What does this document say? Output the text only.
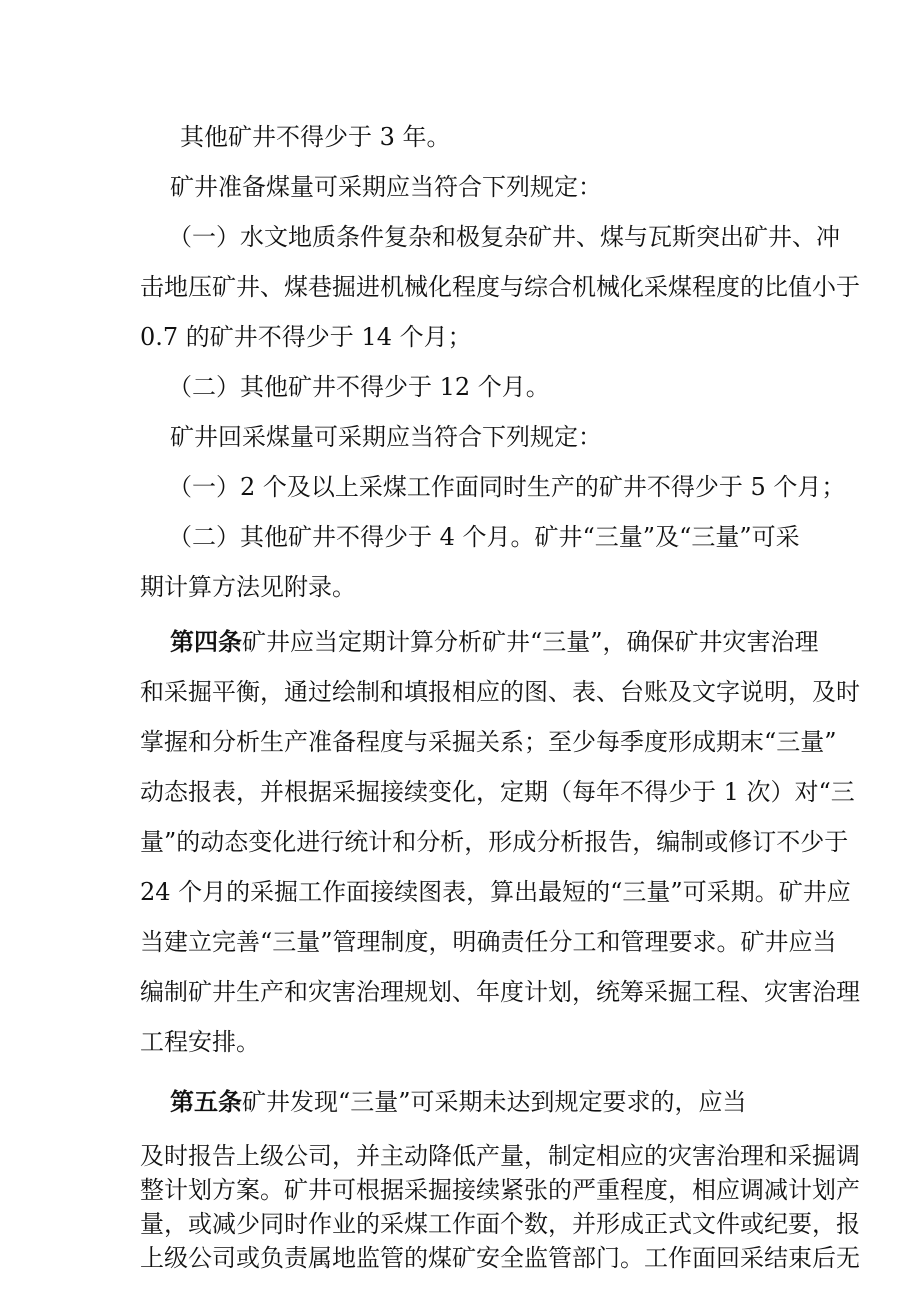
其他矿井不得少于 3 年。
矿井准备煤量可采期应当符合下列规定：
（一）水文地质条件复杂和极复杂矿井、煤与瓦斯突出矿井、冲
击地压矿井、煤巷掘进机械化程度与综合机械化采煤程度的比值小于
0.7 的矿井不得少于 14 个月；
（二）其他矿井不得少于 12 个月。
矿井回采煤量可采期应当符合下列规定：
（一）2 个及以上采煤工作面同时生产的矿井不得少于 5 个月；
（二）其他矿井不得少于 4 个月。矿井“三量”及“三量”可采
期计算方法见附录。
第四条 矿井应当定期计算分析矿井“三量”，确保矿井灾害治理
和采掘平衡，通过绘制和填报相应的图、表、台账及文字说明，及时
掌握和分析生产准备程度与采掘关系；至少每季度形成期末“三量”
动态报表，并根据采掘接续变化，定期（每年不得少于 1 次）对“三
量”的动态变化进行统计和分析，形成分析报告，编制或修订不少于
24 个月的采掘工作面接续图表，算出最短的“三量”可采期。矿井应
当建立完善“三量”管理制度，明确责任分工和管理要求。矿井应当
编制矿井生产和灾害治理规划、年度计划，统筹采掘工程、灾害治理
工程安排。
第五条矿井发现“三量”可采期未达到规定要求的，应当
及时报告上级公司，并主动降低产量，制定相应的灾害治理和采掘调
整计划方案。矿井可根据采掘接续紧张的严重程度，相应调减计划产
量，或减少同时作业的采煤工作面个数，并形成正式文件或纪要，报
上级公司或负责属地监管的煤矿安全监管部门。工作面回采结束后无
